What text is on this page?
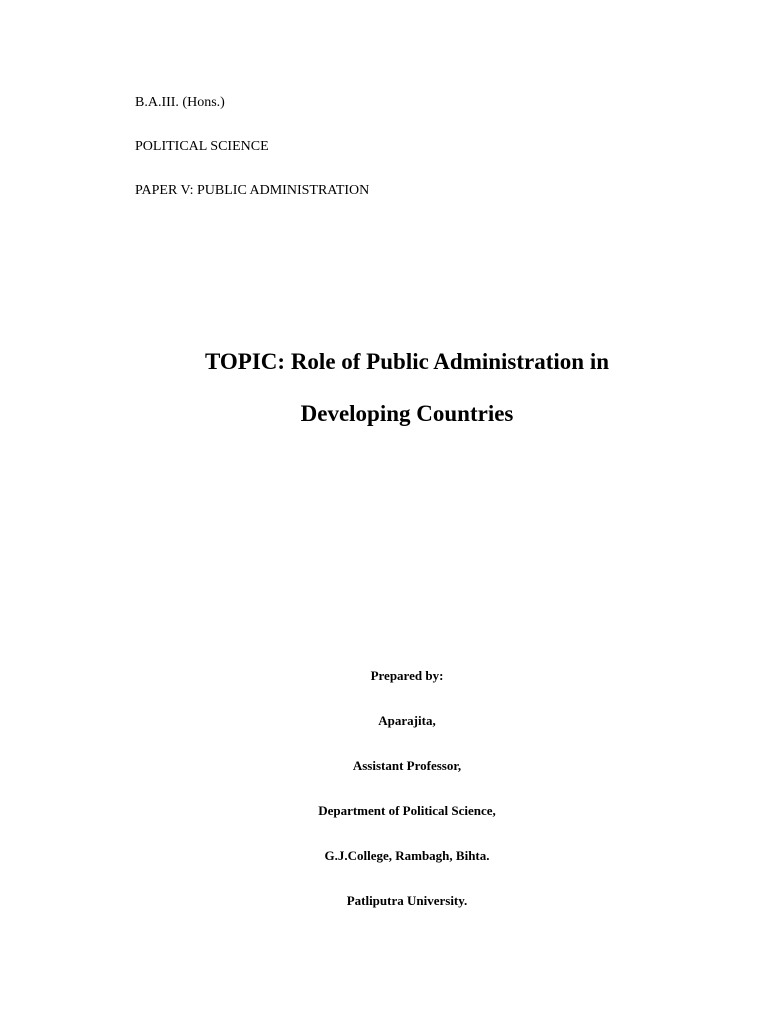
B.A.III. (Hons.)
POLITICAL SCIENCE
PAPER V: PUBLIC ADMINISTRATION
TOPIC: Role of Public Administration in
Developing Countries
Prepared by:
Aparajita,
Assistant Professor,
Department of Political Science,
G.J.College, Rambagh, Bihta.
Patliputra University.
